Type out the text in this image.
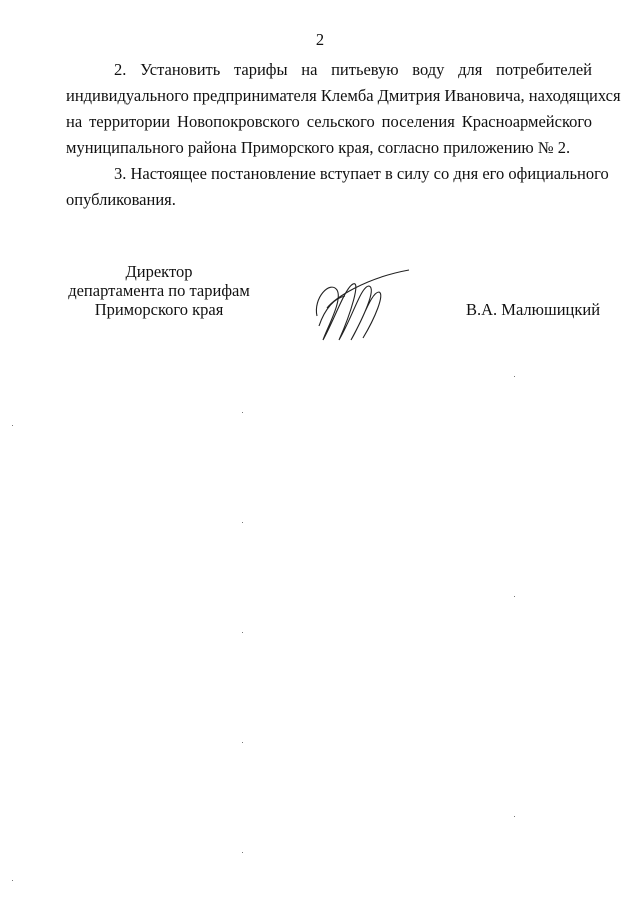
2
2. Установить тарифы на питьевую воду для потребителей
индивидуального предпринимателя Клемба Дмитрия Ивановича, находящихся
на территории Новопокровского сельского поселения Красноармейского
муниципального района Приморского края, согласно приложению № 2.
3. Настоящее постановление вступает в силу со дня его официального
опубликования.
Директор
департамента по тарифам
Приморского края	В.А. Малюшицкий
